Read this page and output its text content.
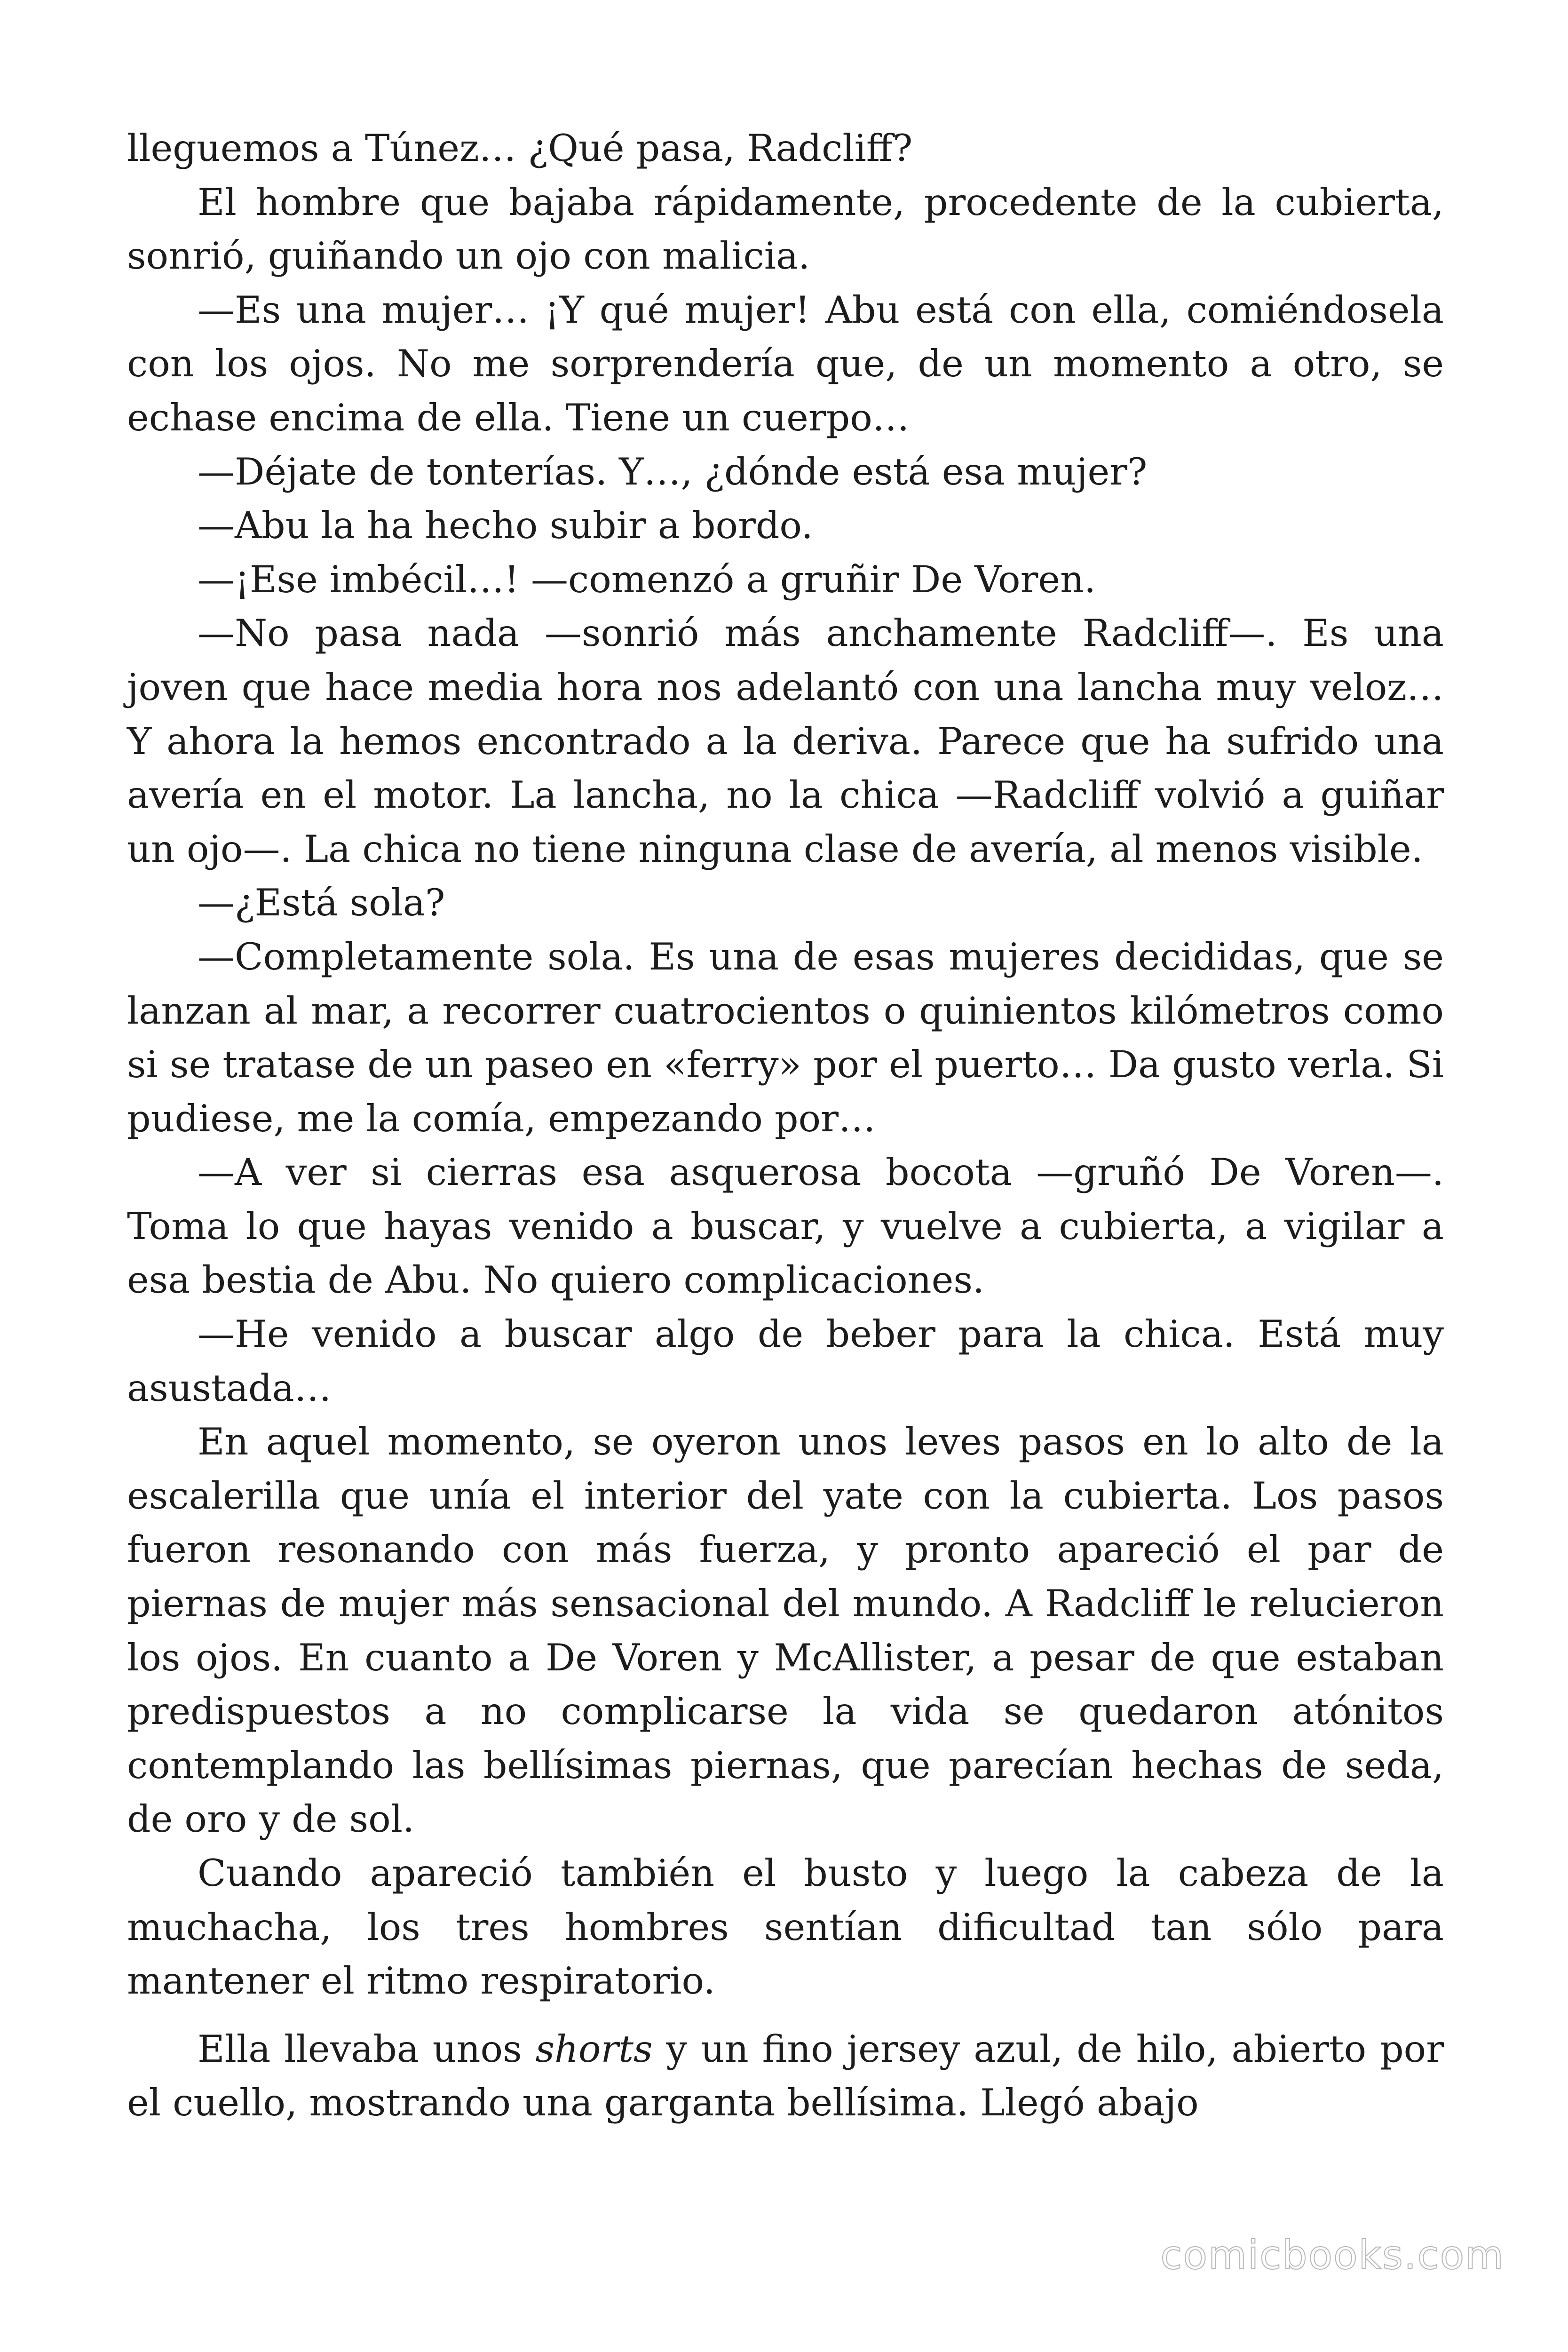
lleguemos a Túnez… ¿Qué pasa, Radcliff?

El hombre que bajaba rápidamente, procedente de la cubierta, sonrió, guiñando un ojo con malicia.

—Es una mujer… ¡Y qué mujer! Abu está con ella, comiéndosela con los ojos. No me sorprendería que, de un momento a otro, se echase encima de ella. Tiene un cuerpo…

—Déjate de tonterías. Y…, ¿dónde está esa mujer?

—Abu la ha hecho subir a bordo.

—¡Ese imbécil…! —comenzó a gruñir De Voren.

—No pasa nada —sonrió más anchamente Radcliff—. Es una joven que hace media hora nos adelantó con una lancha muy veloz… Y ahora la hemos encontrado a la deriva. Parece que ha sufrido una avería en el motor. La lancha, no la chica —Radcliff volvió a guiñar un ojo—. La chica no tiene ninguna clase de avería, al menos visible.

—¿Está sola?

—Completamente sola. Es una de esas mujeres decididas, que se lanzan al mar, a recorrer cuatrocientos o quinientos kilómetros como si se tratase de un paseo en «ferry» por el puerto… Da gusto verla. Si pudiese, me la comía, empezando por…

—A ver si cierras esa asquerosa bocota —gruñó De Voren—. Toma lo que hayas venido a buscar, y vuelve a cubierta, a vigilar a esa bestia de Abu. No quiero complicaciones.

—He venido a buscar algo de beber para la chica. Está muy asustada…

En aquel momento, se oyeron unos leves pasos en lo alto de la escalerilla que unía el interior del yate con la cubierta. Los pasos fueron resonando con más fuerza, y pronto apareció el par de piernas de mujer más sensacional del mundo. A Radcliff le relucieron los ojos. En cuanto a De Voren y McAllister, a pesar de que estaban predispuestos a no complicarse la vida se quedaron atónitos contemplando las bellísimas piernas, que parecían hechas de seda, de oro y de sol.

Cuando apareció también el busto y luego la cabeza de la muchacha, los tres hombres sentían dificultad tan sólo para mantener el ritmo respiratorio.

Ella llevaba unos shorts y un fino jersey azul, de hilo, abierto por el cuello, mostrando una garganta bellísima. Llegó abajo

comicbooks.com
